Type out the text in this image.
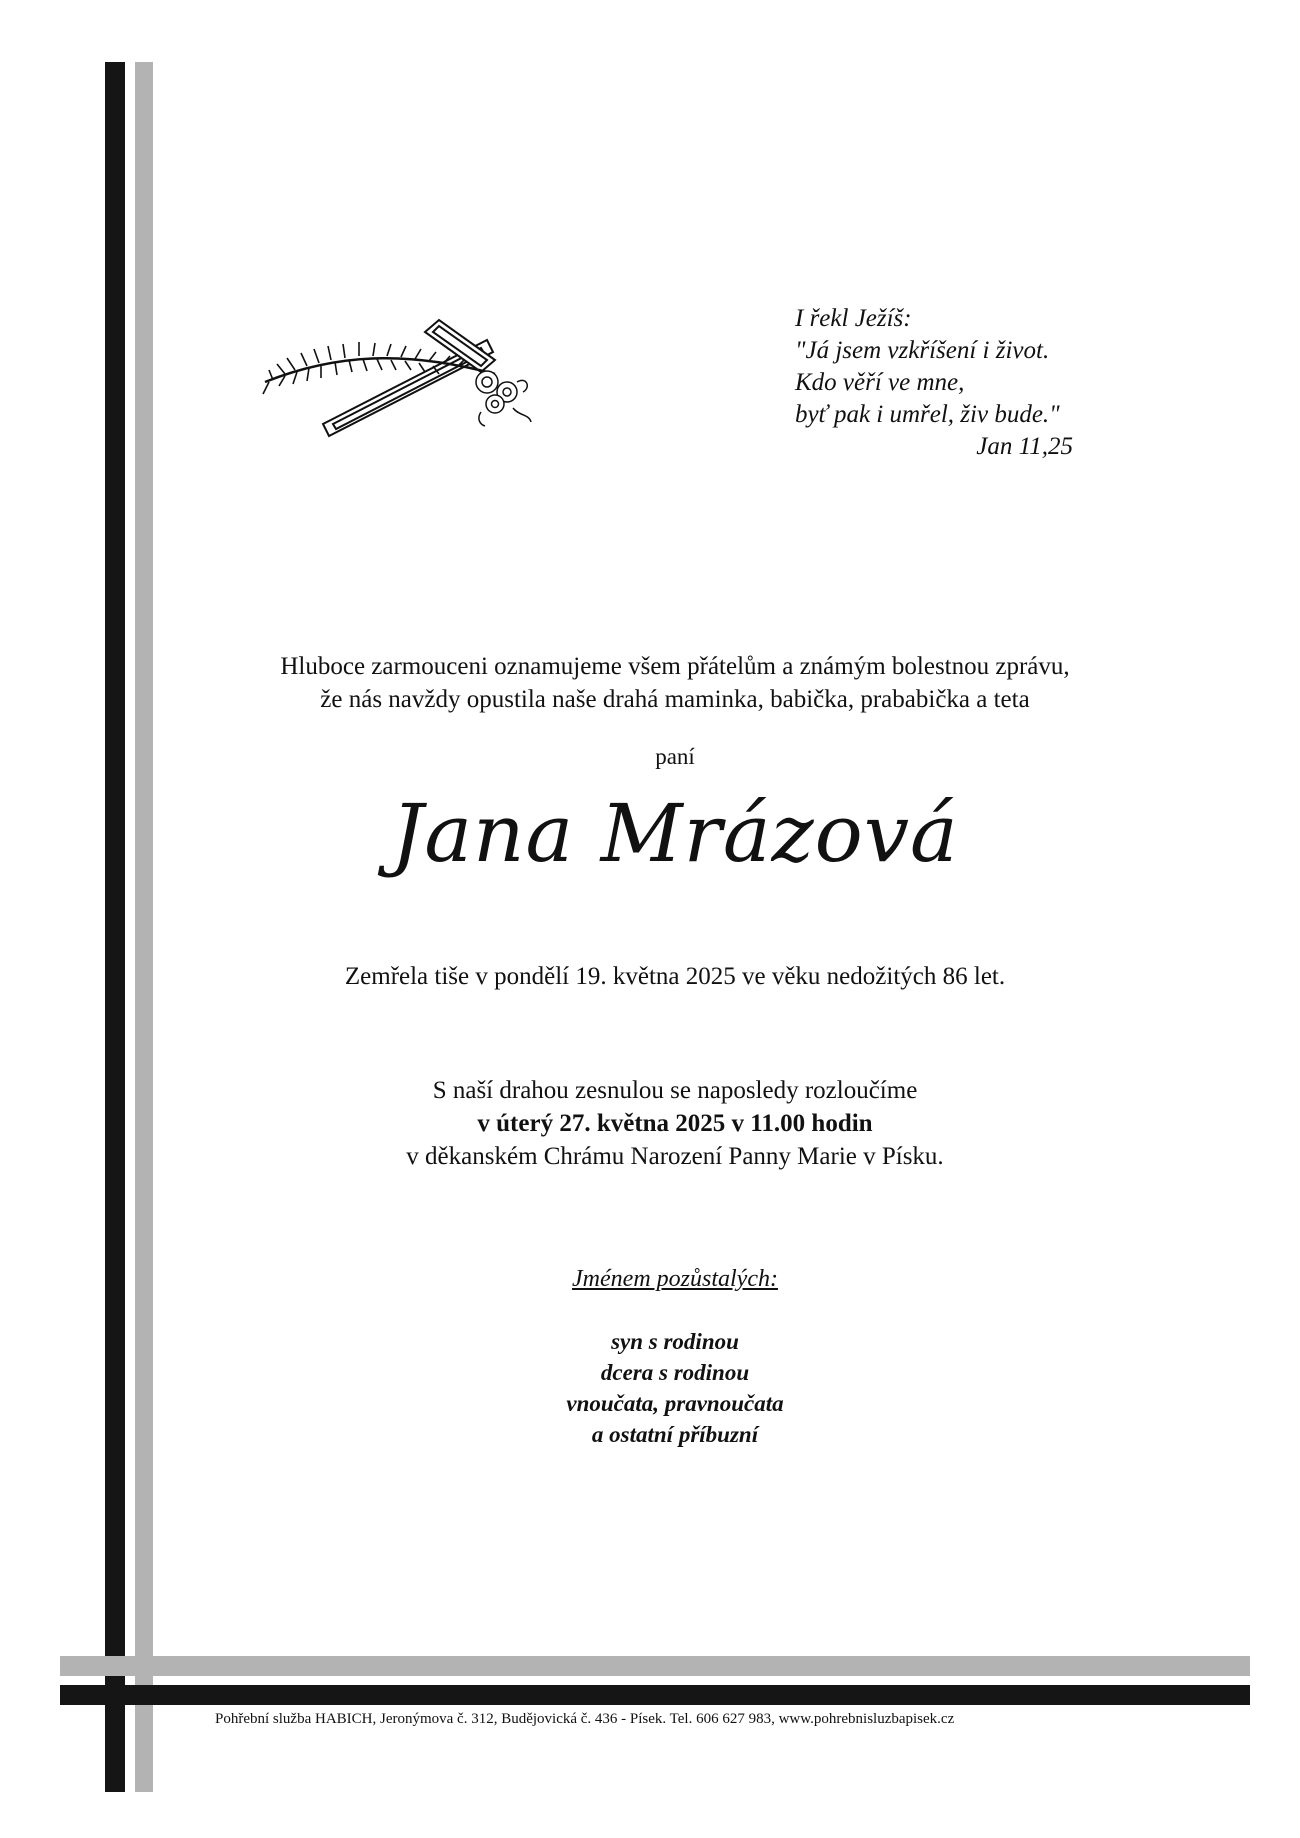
I řekl Ježíš:
"Já jsem vzkříšení i život.
Kdo věří ve mne,
byť pak i umřel, živ bude."
Jan 11,25
Hluboce zarmouceni oznamujeme všem přátelům a známým bolestnou zprávu,
že nás navždy opustila naše drahá maminka, babička, prababička a teta
paní
Jana Mrázová
Zemřela tiše v pondělí 19. května 2025 ve věku nedožitých 86 let.
S naší drahou zesnulou se naposledy rozloučíme
v úterý 27. května 2025 v 11.00 hodin
v děkanském Chrámu Narození Panny Marie v Písku.
Jménem pozůstalých:
syn s rodinou
dcera s rodinou
vnoučata, pravnoučata
a ostatní příbuzní
Pohřební služba HABICH, Jeronýmova č. 312, Budějovická č. 436 - Písek. Tel. 606 627 983, www.pohrebnisluzbapisek.cz
